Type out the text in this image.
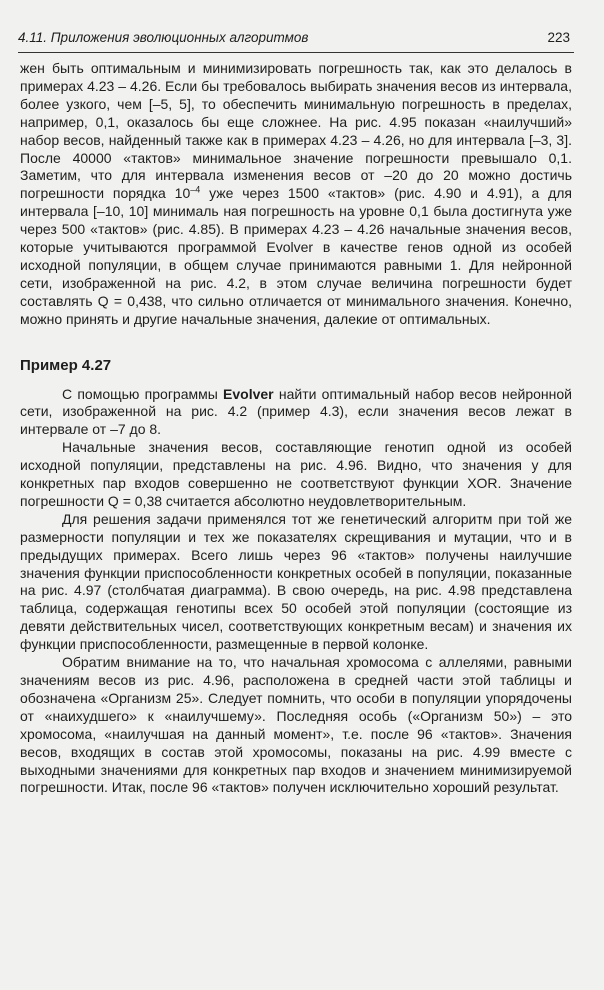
4.11. Приложения эволюционных алгоритмов	223

жен быть оптимальным и минимизировать погрешность так, как это делалось в примерах 4.23 – 4.26. Если бы требовалось выбирать значения весов из интервала, более узкого, чем [–5, 5], то обеспечить минимальную погрешность в пределах, например, 0,1, оказалось бы еще сложнее. На рис. 4.95 показан «наилучший» набор весов, найденный также как в примерах 4.23 – 4.26, но для интервала [–3, 3]. После 40000 «тактов» минимальное значение погрешности превышало 0,1. Заметим, что для интервала изменения весов от –20 до 20 можно достичь погрешности порядка $10^{-4}$ уже через 1500 «тактов» (рис. 4.90 и 4.91), а для интервала [–10, 10] минималь ная погрешность на уровне 0,1 была достигнута уже через 500 «тактов» (рис. 4.85). В примерах 4.23 – 4.26 начальные значения весов, которые учитываются программой Evolver в качестве генов одной из особей исходной популяции, в общем случае принимаются равными 1. Для нейронной сети, изображенной на рис. 4.2, в этом случае величина погрешности будет составлять Q = 0,438, что сильно отличается от минимального значения. Конечно, можно принять и другие начальные значения, далекие от оптимальных.

Пример 4.27

С помощью программы Evolver найти оптимальный набор весов нейронной сети, изображенной на рис. 4.2 (пример 4.3), если значения весов лежат в интервале от –7 до 8.

Начальные значения весов, составляющие генотип одной из особей исходной популяции, представлены на рис. 4.96. Видно, что значения у для конкретных пар входов совершенно не соответствуют функции XOR. Значение погрешности Q = 0,38 считается абсолютно неудовлетворительным.

Для решения задачи применялся тот же генетический алгоритм при той же размерности популяции и тех же показателях скрещивания и мутации, что и в предыдущих примерах. Всего лишь через 96 «тактов» получены наилучшие значения функции приспособленности конкретных особей в популяции, показанные на рис. 4.97 (столбчатая диаграмма). В свою очередь, на рис. 4.98 представлена таблица, содержащая генотипы всех 50 особей этой популяции (состоящие из девяти действительных чисел, соответствующих конкретным весам) и значения их функции приспособленности, размещенные в первой колонке.

Обратим внимание на то, что начальная хромосома с аллелями, равными значениям весов из рис. 4.96, расположена в средней части этой таблицы и обозначена «Организм 25». Следует помнить, что особи в популяции упорядочены от «наихудшего» к «наилучшему». Последняя особь («Организм 50») – это хромосома, «наилучшая на данный момент», т.е. после 96 «тактов». Значения весов, входящих в состав этой хромосомы, показаны на рис. 4.99 вместе с выходными значениями для конкретных пар входов и значением минимизируемой погрешности. Итак, после 96 «тактов» получен исключительно хороший результат.
